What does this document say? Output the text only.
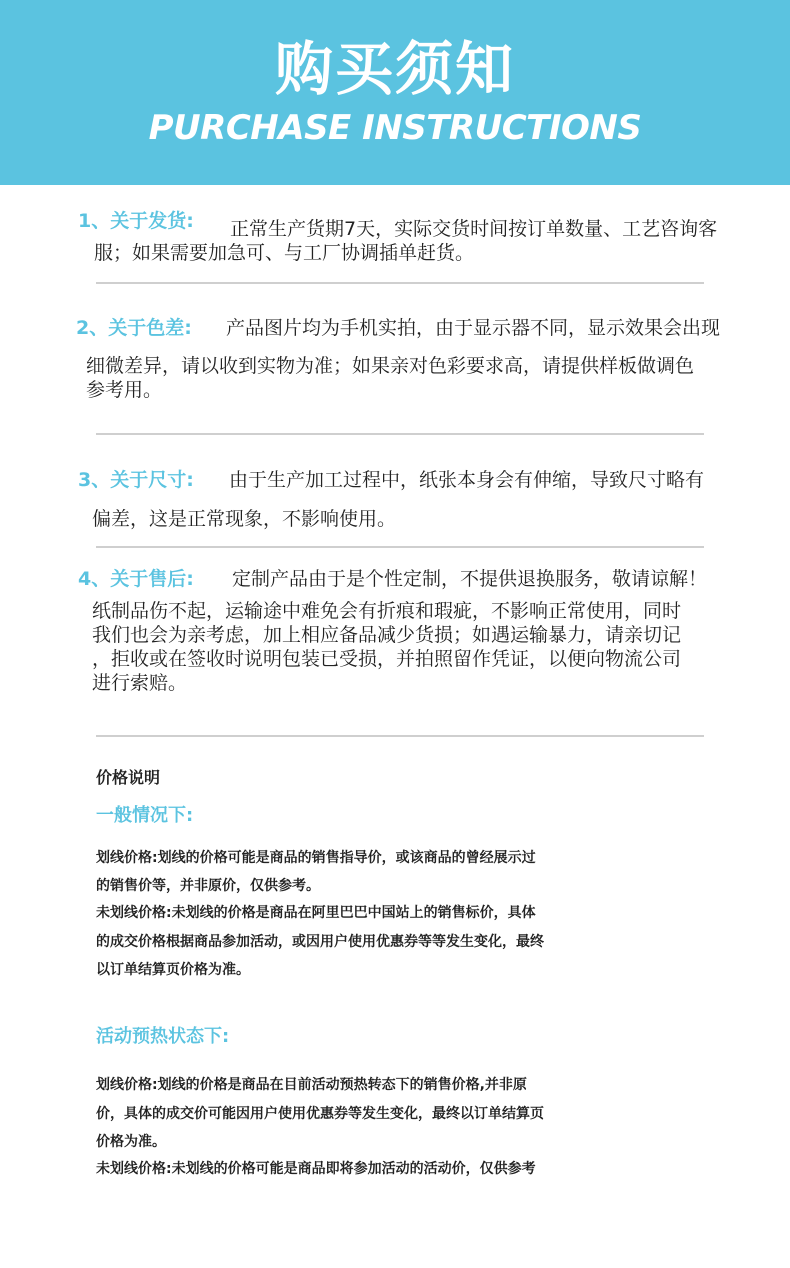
购买须知
PURCHASE INSTRUCTIONS
1、关于发货: 正常生产货期7天，实际交货时间按订单数量、工艺咨询客
服；如果需要加急可、与工厂协调插单赶货。
2、关于色差: 产品图片均为手机实拍，由于显示器不同，显示效果会出现
细微差异，请以收到实物为准；如果亲对色彩要求高，请提供样板做调色
参考用。
3、关于尺寸: 由于生产加工过程中，纸张本身会有伸缩，导致尺寸略有
偏差，这是正常现象，不影响使用。
4、关于售后: 定制产品由于是个性定制，不提供退换服务，敬请谅解！
纸制品伤不起，运输途中难免会有折痕和瑕疵，不影响正常使用，同时
我们也会为亲考虑，加上相应备品减少货损；如遇运输暴力，请亲切记
，拒收或在签收时说明包装已受损，并拍照留作凭证，以便向物流公司
进行索赔。
价格说明
一般情况下:
划线价格:划线的价格可能是商品的销售指导价，或该商品的曾经展示过
的销售价等，并非原价，仅供参考。
未划线价格:未划线的价格是商品在阿里巴巴中国站上的销售标价，具体
的成交价格根据商品参加活动，或因用户使用优惠券等等发生变化，最终
以订单结算页价格为准。
活动预热状态下:
划线价格:划线的价格是商品在目前活动预热转态下的销售价格,并非原
价，具体的成交价可能因用户使用优惠券等发生变化，最终以订单结算页
价格为准。
未划线价格:未划线的价格可能是商品即将参加活动的活动价，仅供参考
